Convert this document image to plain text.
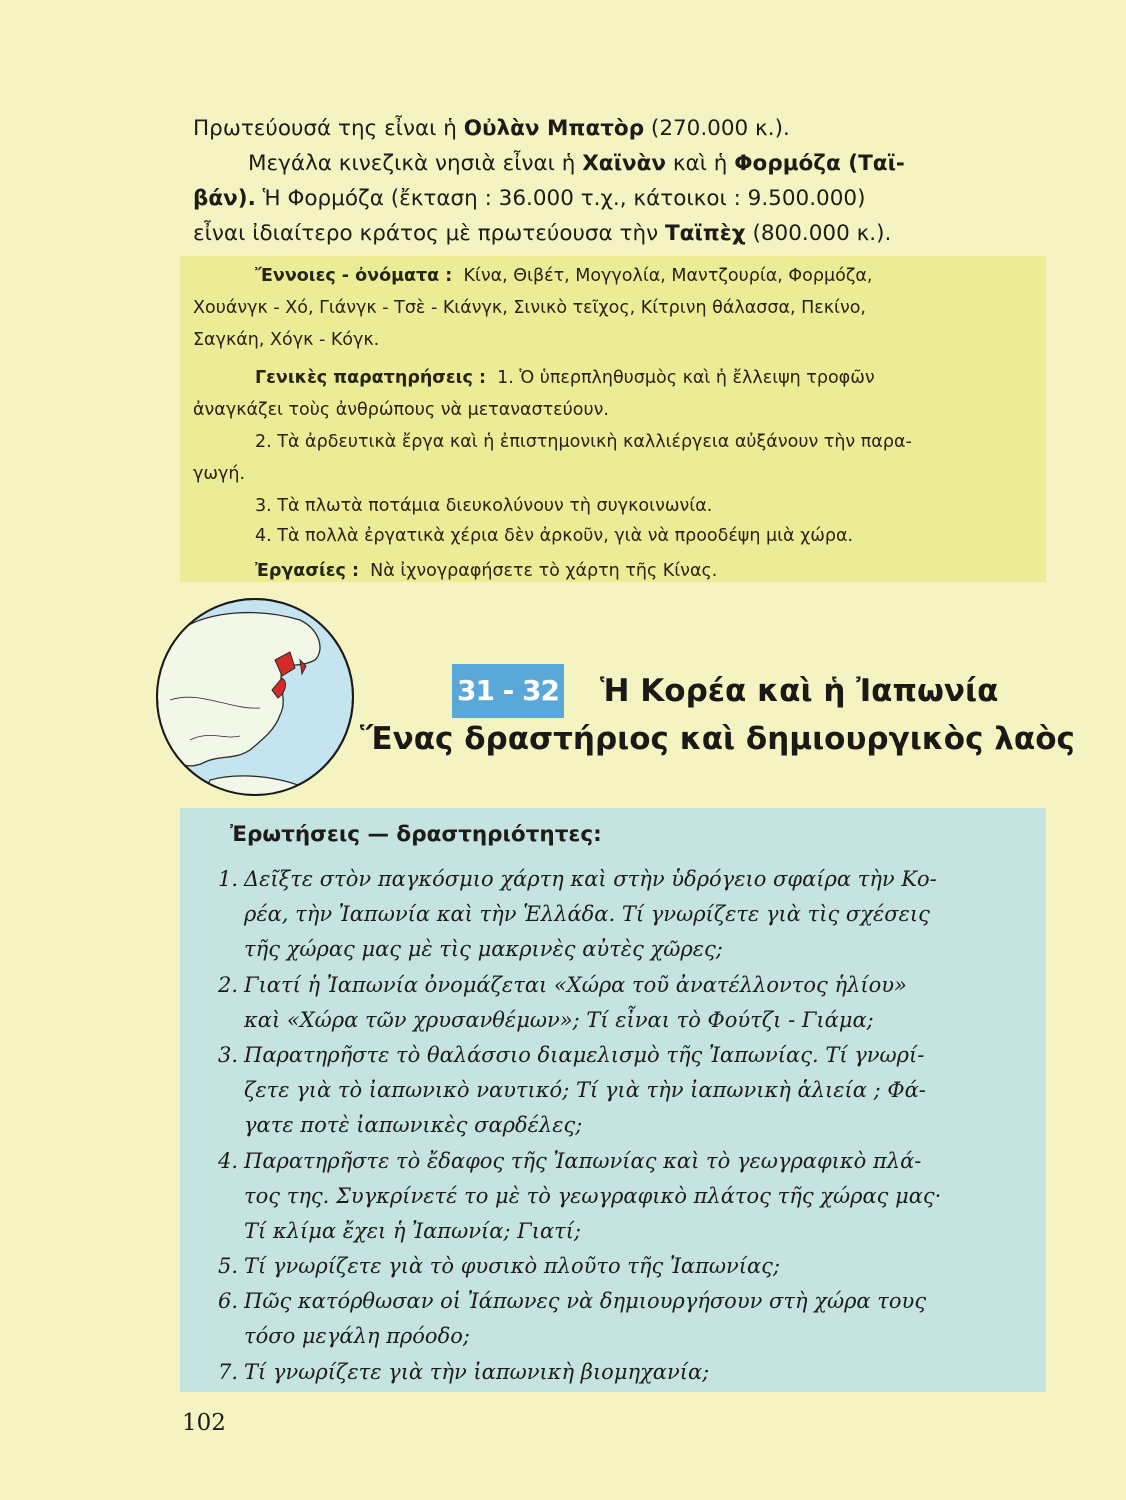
Πρωτεύουσά της εἶναι ἡ Οὐλὰν Μπατὸρ (270.000 κ.).
Μεγάλα κινεζικὰ νησιὰ εἶναι ἡ Χαϊνὰν καὶ ἡ Φορμόζα (Ταϊ-
βάν). Ἡ Φορμόζα (ἔκταση : 36.000 τ.χ., κάτοικοι : 9.500.000)
εἶναι ἰδιαίτερο κράτος μὲ πρωτεύουσα τὴν Ταϊπὲχ (800.000 κ.).
Ἔννοιες - ὀνόματα : Κίνα, Θιβέτ, Μογγολία, Μαντζουρία, Φορμόζα,
Χουάνγκ - Χό, Γιάνγκ - Τσὲ - Κιάνγκ, Σινικὸ τεῖχος, Κίτρινη θάλασσα, Πεκίνο,
Σαγκάη, Χόγκ - Κόγκ.
Γενικὲς παρατηρήσεις : 1. Ὁ ὑπερπληθυσμὸς καὶ ἡ ἔλλειψη τροφῶν
ἀναγκάζει τοὺς ἀνθρώπους νὰ μεταναστεύουν.
2. Τὰ ἀρδευτικὰ ἔργα καὶ ἡ ἐπιστημονικὴ καλλιέργεια αὐξάνουν τὴν παρα-
γωγή.
3. Τὰ πλωτὰ ποτάμια διευκολύνουν τὴ συγκοινωνία.
4. Τὰ πολλὰ ἐργατικὰ χέρια δὲν ἀρκοῦν, γιὰ νὰ προοδέψη μιὰ χώρα.
Ἐργασίες : Νὰ ἰχνογραφήσετε τὸ χάρτη τῆς Κίνας.
31 - 32 Ἡ Κορέα καὶ ἡ Ἰαπωνία
Ἕνας δραστήριος καὶ δημιουργικὸς λαὸς
Ἐρωτήσεις — δραστηριότητες:
1. Δεῖξτε στὸν παγκόσμιο χάρτη καὶ στὴν ὑδρόγειο σφαίρα τὴν Κο-
ρέα, τὴν Ἰαπωνία καὶ τὴν Ἑλλάδα. Τί γνωρίζετε γιὰ τὶς σχέσεις
τῆς χώρας μας μὲ τὶς μακρινὲς αὐτὲς χῶρες;
2. Γιατί ἡ Ἰαπωνία ὀνομάζεται «Χώρα τοῦ ἀνατέλλοντος ἡλίου»
καὶ «Χώρα τῶν χρυσανθέμων»; Τί εἶναι τὸ Φούτζι - Γιάμα;
3. Παρατηρῆστε τὸ θαλάσσιο διαμελισμὸ τῆς Ἰαπωνίας. Τί γνωρί-
ζετε γιὰ τὸ ἰαπωνικὸ ναυτικό; Τί γιὰ τὴν ἰαπωνικὴ ἁλιεία ; Φά-
γατε ποτὲ ἰαπωνικὲς σαρδέλες;
4. Παρατηρῆστε τὸ ἔδαφος τῆς Ἰαπωνίας καὶ τὸ γεωγραφικὸ πλά-
τος της. Συγκρίνετέ το μὲ τὸ γεωγραφικὸ πλάτος τῆς χώρας μας·
Τί κλίμα ἔχει ἡ Ἰαπωνία; Γιατί;
5. Τί γνωρίζετε γιὰ τὸ φυσικὸ πλοῦτο τῆς Ἰαπωνίας;
6. Πῶς κατόρθωσαν οἱ Ἰάπωνες νὰ δημιουργήσουν στὴ χώρα τους
τόσο μεγάλη πρόοδο;
7. Τί γνωρίζετε γιὰ τὴν ἰαπωνικὴ βιομηχανία;
102
